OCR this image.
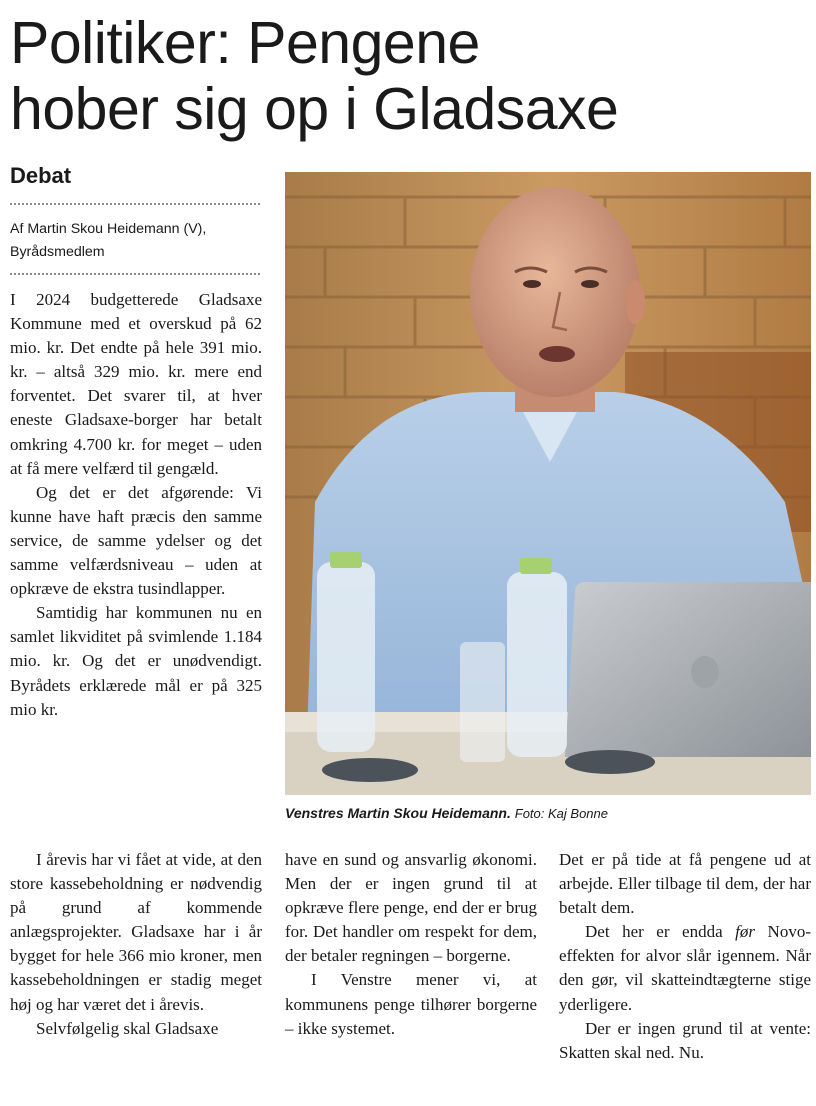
Politiker: Pengene
hober sig op i Gladsaxe
Debat
Af Martin Skou Heidemann (V),
Byrådsmedlem

I 2024 budgetterede Gladsaxe Kommune med et overskud på 62 mio. kr. Det endte på hele 391 mio. kr. – altså 329 mio. kr. mere end forventet. Det svarer til, at hver eneste Gladsaxe-borger har betalt omkring 4.700 kr. for meget – uden at få mere velfærd til gengæld.

Og det er det afgørende: Vi kunne have haft præcis den samme service, de samme ydelser og det samme velfærdsniveau – uden at opkræve de ekstra tusindlapper.

Samtidig har kommunen nu en samlet likviditet på svimlende 1.184 mio. kr. Og det er unødvendigt. Byrådets erklærede mål er på 325 mio kr.

Venstres Martin Skou Heidemann. Foto: Kaj Bonne

I årevis har vi fået at vide, at den store kassebeholdning er nødvendig på grund af kommende anlægsprojekter. Gladsaxe har i år bygget for hele 366 mio kroner, men kassebeholdningen er stadig meget høj og har været det i årevis.

Selvfølgelig skal Gladsaxe

have en sund og ansvarlig økonomi. Men der er ingen grund til at opkræve flere penge, end der er brug for. Det handler om respekt for dem, der betaler regningen – borgerne.

I Venstre mener vi, at kommunens penge tilhører borgerne – ikke systemet.

Det er på tide at få pengene ud at arbejde. Eller tilbage til dem, der har betalt dem.

Det her er endda før Novo-effekten for alvor slår igennem. Når den gør, vil skatteindtægterne stige yderligere.

Der er ingen grund til at vente: Skatten skal ned. Nu.
